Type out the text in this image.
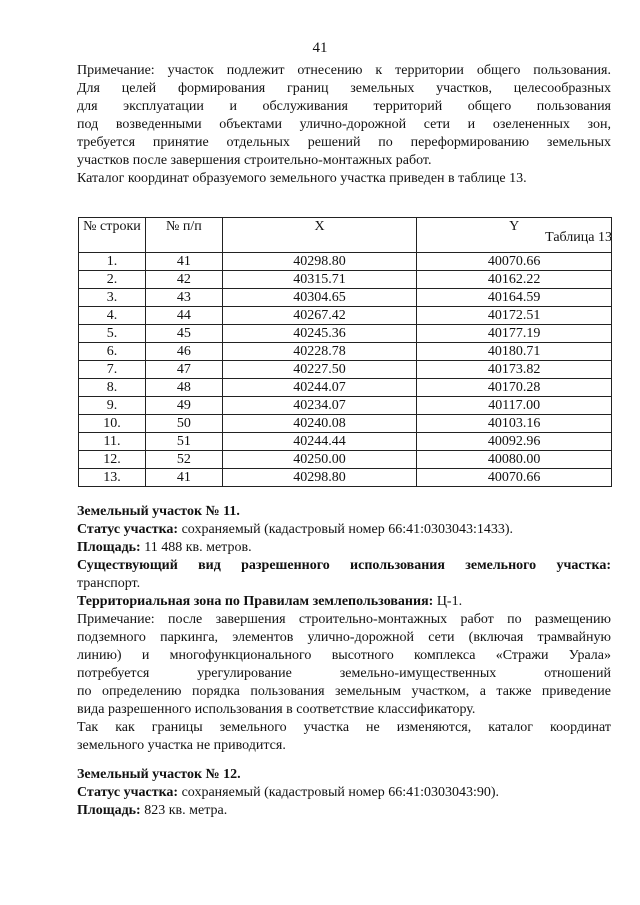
41
Примечание: участок подлежит отнесению к территории общего пользования.
Для целей формирования границ земельных участков, целесообразных
для эксплуатации и обслуживания территорий общего пользования
под возведенными объектами улично-дорожной сети и озелененных зон,
требуется принятие отдельных решений по переформированию земельных
участков после завершения строительно-монтажных работ.
Каталог координат образуемого земельного участка приведен в таблице 13.
Таблица 13
№ строки	№ п/п	X	Y
1.	41	40298.80	40070.66
2.	42	40315.71	40162.22
3.	43	40304.65	40164.59
4.	44	40267.42	40172.51
5.	45	40245.36	40177.19
6.	46	40228.78	40180.71
7.	47	40227.50	40173.82
8.	48	40244.07	40170.28
9.	49	40234.07	40117.00
10.	50	40240.08	40103.16
11.	51	40244.44	40092.96
12.	52	40250.00	40080.00
13.	41	40298.80	40070.66
Земельный участок № 11.
Статус участка: сохраняемый (кадастровый номер 66:41:0303043:1433).
Площадь: 11 488 кв. метров.
Существующий вид разрешенного использования земельного участка:
транспорт.
Территориальная зона по Правилам землепользования: Ц-1.
Примечание: после завершения строительно-монтажных работ по размещению
подземного паркинга, элементов улично-дорожной сети (включая трамвайную
линию) и многофункционального высотного комплекса «Стражи Урала»
потребуется урегулирование земельно-имущественных отношений
по определению порядка пользования земельным участком, а также приведение
вида разрешенного использования в соответствие классификатору.
Так как границы земельного участка не изменяются, каталог координат
земельного участка не приводится.
Земельный участок № 12.
Статус участка: сохраняемый (кадастровый номер 66:41:0303043:90).
Площадь: 823 кв. метра.
